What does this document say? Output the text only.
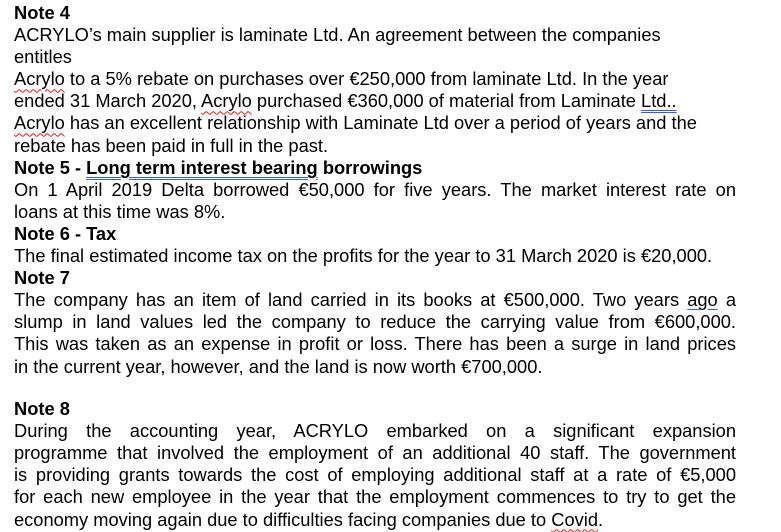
Note 4
ACRYLO’s main supplier is laminate Ltd. An agreement between the companies
entitles
Acrylo to a 5% rebate on purchases over €250,000 from laminate Ltd. In the year
ended 31 March 2020, Acrylo purchased €360,000 of material from Laminate Ltd..
Acrylo has an excellent relationship with Laminate Ltd over a period of years and the
rebate has been paid in full in the past.
Note 5 - Long term interest bearing borrowings
On 1 April 2019 Delta borrowed €50,000 for five years. The market interest rate on
loans at this time was 8%.
Note 6 - Tax
The final estimated income tax on the profits for the year to 31 March 2020 is €20,000.
Note 7
The company has an item of land carried in its books at €500,000. Two years ago a
slump in land values led the company to reduce the carrying value from €600,000.
This was taken as an expense in profit or loss. There has been a surge in land prices
in the current year, however, and the land is now worth €700,000.
Note 8
During the accounting year, ACRYLO embarked on a significant expansion
programme that involved the employment of an additional 40 staff. The government
is providing grants towards the cost of employing additional staff at a rate of €5,000
for each new employee in the year that the employment commences to try to get the
economy moving again due to difficulties facing companies due to Covid.
